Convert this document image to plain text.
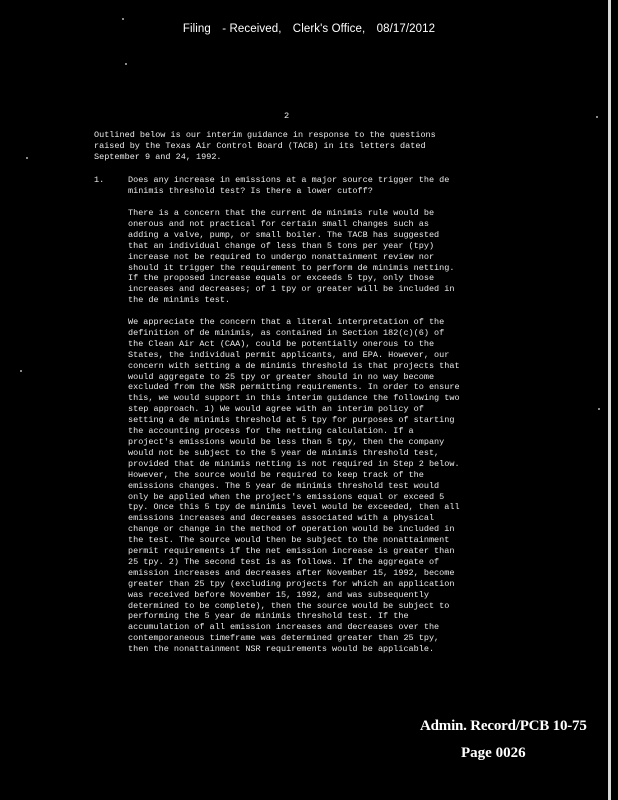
Filing - Received, Clerk's Office, 08/17/2012
2
Outlined below is our interim guidance in response to the questions
raised by the Texas Air Control Board (TACB) in its letters dated
September 9 and 24, 1992.
1.	Does any increase in emissions at a major source trigger the de
minimis threshold test? Is there a lower cutoff?
There is a concern that the current de minimis rule would be
onerous and not practical for certain small changes such as
adding a valve, pump, or small boiler. The TACB has suggested
that an individual change of less than 5 tons per year (tpy)
increase not be required to undergo nonattainment review nor
should it trigger the requirement to perform de minimis netting.
If the proposed increase equals or exceeds 5 tpy, only those
increases and decreases; of 1 tpy or greater will be included in
the de minimis test.
We appreciate the concern that a literal interpretation of the
definition of de minimis, as contained in Section 182(c)(6) of
the Clean Air Act (CAA), could be potentially onerous to the
States, the individual permit applicants, and EPA. However, our
concern with setting a de minimis threshold is that projects that
would aggregate to 25 tpy or greater should in no way become
excluded from the NSR permitting requirements. In order to ensure
this, we would support in this interim guidance the following two
step approach. 1) We would agree with an interim policy of
setting a de minimis threshold at 5 tpy for purposes of starting
the accounting process for the netting calculation. If a
project's emissions would be less than 5 tpy, then the company
would not be subject to the 5 year de minimis threshold test,
provided that de minimis netting is not required in Step 2 below.
However, the source would be required to keep track of the
emissions changes. The 5 year de minimis threshold test would
only be applied when the project's emissions equal or exceed 5
tpy. Once this 5 tpy de minimis level would be exceeded, then all
emissions increases and decreases associated with a physical
change or change in the method of operation would be included in
the test. The source would then be subject to the nonattainment
permit requirements if the net emission increase is greater than
25 tpy. 2) The second test is as follows. If the aggregate of
emission increases and decreases after November 15, 1992, become
greater than 25 tpy (excluding projects for which an application
was received before November 15, 1992, and was subsequently
determined to be complete), then the source would be subject to
performing the 5 year de minimis threshold test. If the
accumulation of all emission increases and decreases over the
contemporaneous timeframe was determined greater than 25 tpy,
then the nonattainment NSR requirements would be applicable.
Admin. Record/PCB 10-75
Page 0026
